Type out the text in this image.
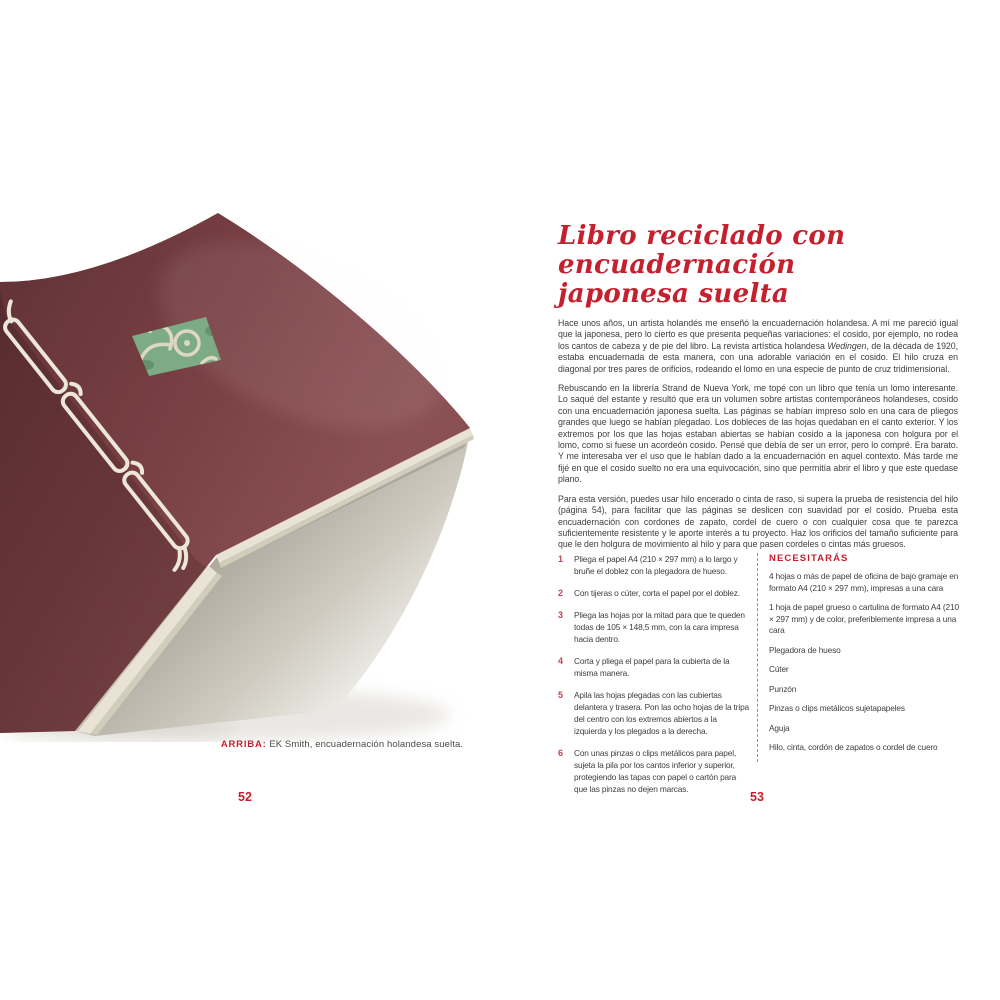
ARRIBA: EK Smith, encuadernación holandesa suelta.
52
Libro reciclado con encuadernación
japonesa suelta

Hace unos años, un artista holandés me enseñó la encuadernación holandesa. A mí me pareció igual que la japonesa, pero lo cierto es que presenta pequeñas variaciones: el cosido, por ejemplo, no rodea los cantos de cabeza y de pie del libro. La revista artística holandesa Wedingen, de la década de 1920, estaba encuadernada de esta manera, con una adorable variación en el cosido. El hilo cruza en diagonal por tres pares de orificios, rodeando el lomo en una especie de punto de cruz tridimensional.

Rebuscando en la librería Strand de Nueva York, me topé con un libro que tenía un lomo interesante. Lo saqué del estante y resultó que era un volumen sobre artistas contemporáneos holandeses, cosido con una encuadernación japonesa suelta. Las páginas se habían impreso solo en una cara de pliegos grandes que luego se habían plegadao. Los dobleces de las hojas quedaban en el canto exterior. Y los extremos por los que las hojas estaban abiertas se habían cosido a la japonesa con holgura por el lomo, como si fuese un acordeón cosido. Pensé que debía de ser un error, pero lo compré. Era barato. Y me interesaba ver el uso que le habían dado a la encuadernación en aquel contexto. Más tarde me fijé en que el cosido suelto no era una equivocación, sino que permitía abrir el libro y que este quedase plano.

Para esta versión, puedes usar hilo encerado o cinta de raso, si supera la prueba de resistencia del hilo (página 54), para facilitar que las páginas se deslicen con suavidad por el cosido. Prueba esta encuadernación con cordones de zapato, cordel de cuero o con cualquier cosa que te parezca suficientemente resistente y le aporte interés a tu proyecto. Haz los orificios del tamaño suficiente para que le den holgura de movimiento al hilo y para que pasen cordeles o cintas más gruesos.

1	Pliega el papel A4 (210 × 297 mm) a lo largo y bruñe el doblez con la plegadora de hueso.
2	Con tijeras o cúter, corta el papel por el doblez.
3	Pliega las hojas por la mitad para que te queden todas de 105 × 148,5 mm, con la cara impresa hacia dentro.
4	Corta y pliega el papel para la cubierta de la misma manera.
5	Apila las hojas plegadas con las cubiertas delantera y trasera. Pon las ocho hojas de la tripa del centro con los extremos abiertos a la izquierda y los plegados a la derecha.
6	Con unas pinzas o clips metálicos para papel, sujeta la pila por los cantos inferior y superior, protegiendo las tapas con papel o cartón para que las pinzas no dejen marcas.
NECESITARÁS
4 hojas o más de papel de oficina de bajo gramaje en formato A4 (210 × 297 mm), impresas a una cara
1 hoja de papel grueso o cartulina de formato A4 (210 × 297 mm) y de color, preferiblemente impresa a una cara
Plegadora de hueso
Cúter
Punzón
Pinzas o clips metálicos sujetapapeles
Aguja
Hilo, cinta, cordón de zapatos o cordel de cuero
53
